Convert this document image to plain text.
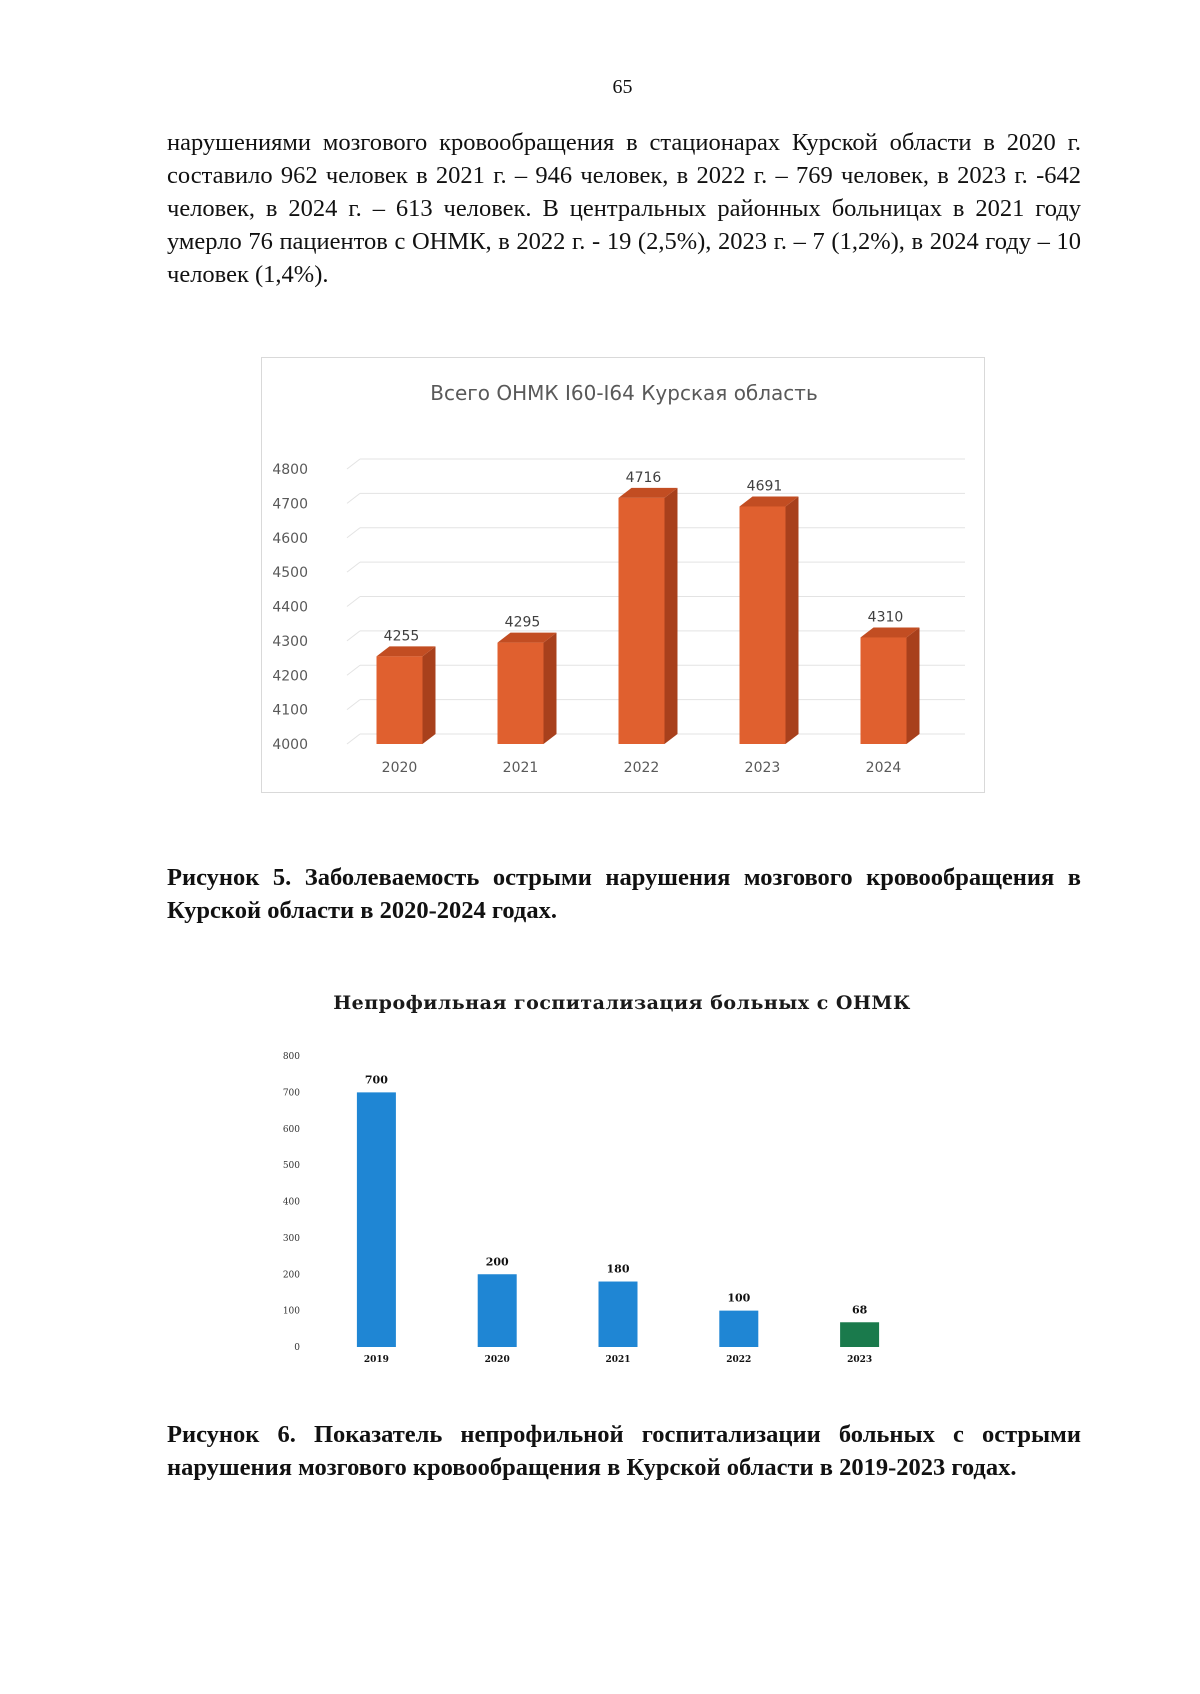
65

нарушениями мозгового кровообращения в стационарах Курской области в 2020 г. составило 962 человек в 2021 г. – 946 человек, в 2022 г. – 769 человек, в 2023 г. -642 человек, в 2024 г. – 613 человек. В центральных районных больницах в 2021 году умерло 76 пациентов с ОНМК, в 2022 г. - 19 (2,5%), 2023 г. – 7 (1,2%), в 2024 году – 10 человек (1,4%).

Всего ОНМК I60-I64 Курская область
4000
4100
4200
4300
4400
4500
4600
4700
4800
4255
2020
4295
2021
4716
2022
4691
2023
4310
2024

Рисунок 5. Заболеваемость острыми нарушения мозгового кровообращения в Курской области в 2020-2024 годах.

Непрофильная госпитализация больных с ОНМК
0
100
200
300
400
500
600
700
800
700
2019
200
2020
180
2021
100
2022
68
2023

Рисунок 6. Показатель непрофильной госпитализации больных с острыми нарушения мозгового кровообращения в Курской области в 2019-2023 годах.
